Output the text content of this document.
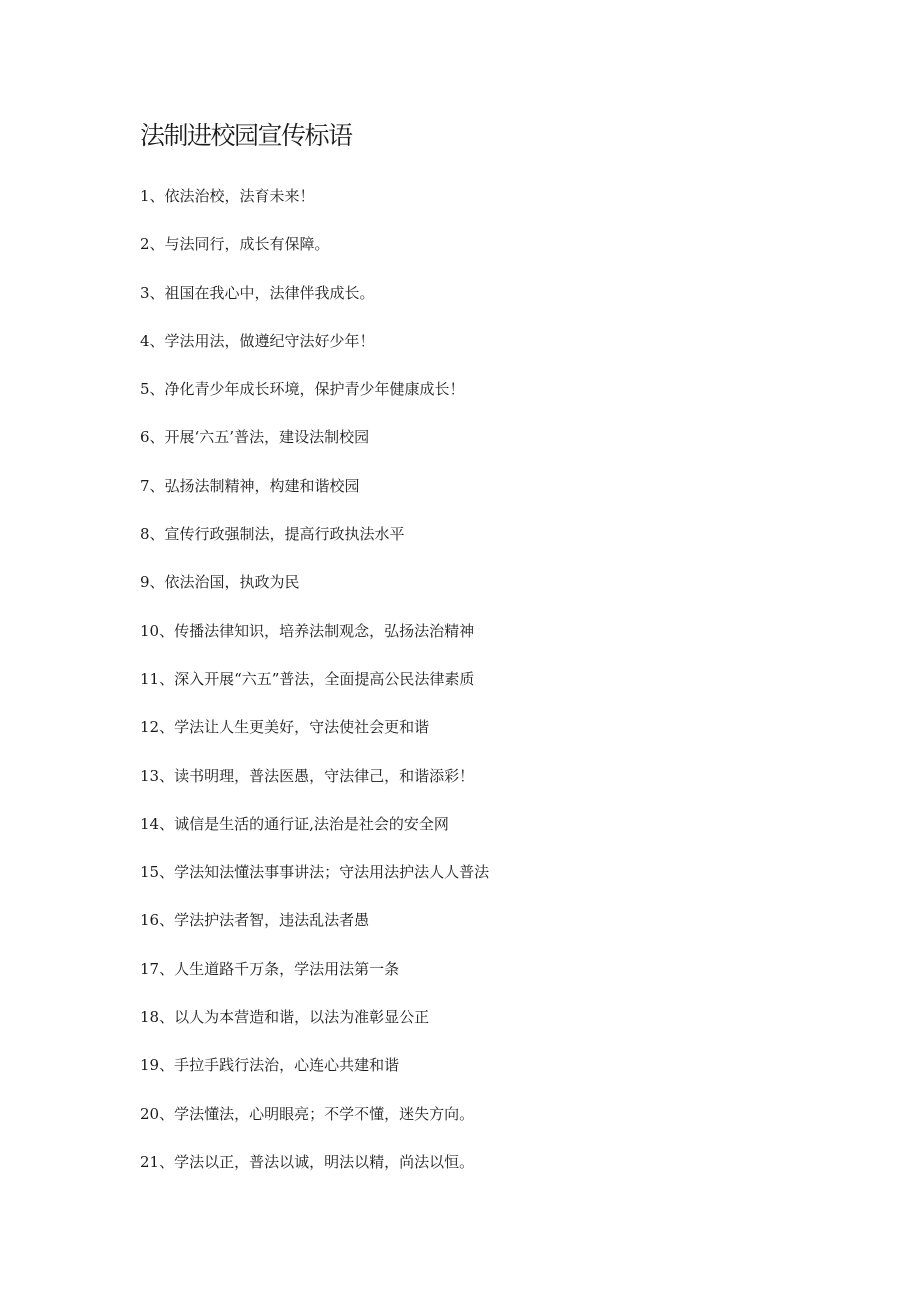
法制进校园宣传标语
1、依法治校，法育未来！
2、与法同行，成长有保障。
3、祖国在我心中，法律伴我成长。
4、学法用法，做遵纪守法好少年！
5、净化青少年成长环境，保护青少年健康成长！
6、开展‘六五’普法，建设法制校园
7、弘扬法制精神，构建和谐校园
8、宣传行政强制法，提高行政执法水平
9、依法治国，执政为民
10、传播法律知识，培养法制观念，弘扬法治精神
11、深入开展“六五”普法，全面提高公民法律素质
12、学法让人生更美好，守法使社会更和谐
13、读书明理，普法医愚，守法律己，和谐添彩！
14、诚信是生活的通行证,法治是社会的安全网
15、学法知法懂法事事讲法；守法用法护法人人普法
16、学法护法者智，违法乱法者愚
17、人生道路千万条，学法用法第一条
18、以人为本营造和谐，以法为准彰显公正
19、手拉手践行法治，心连心共建和谐
20、学法懂法，心明眼亮；不学不懂，迷失方向。
21、学法以正，普法以诚，明法以精，尚法以恒。
